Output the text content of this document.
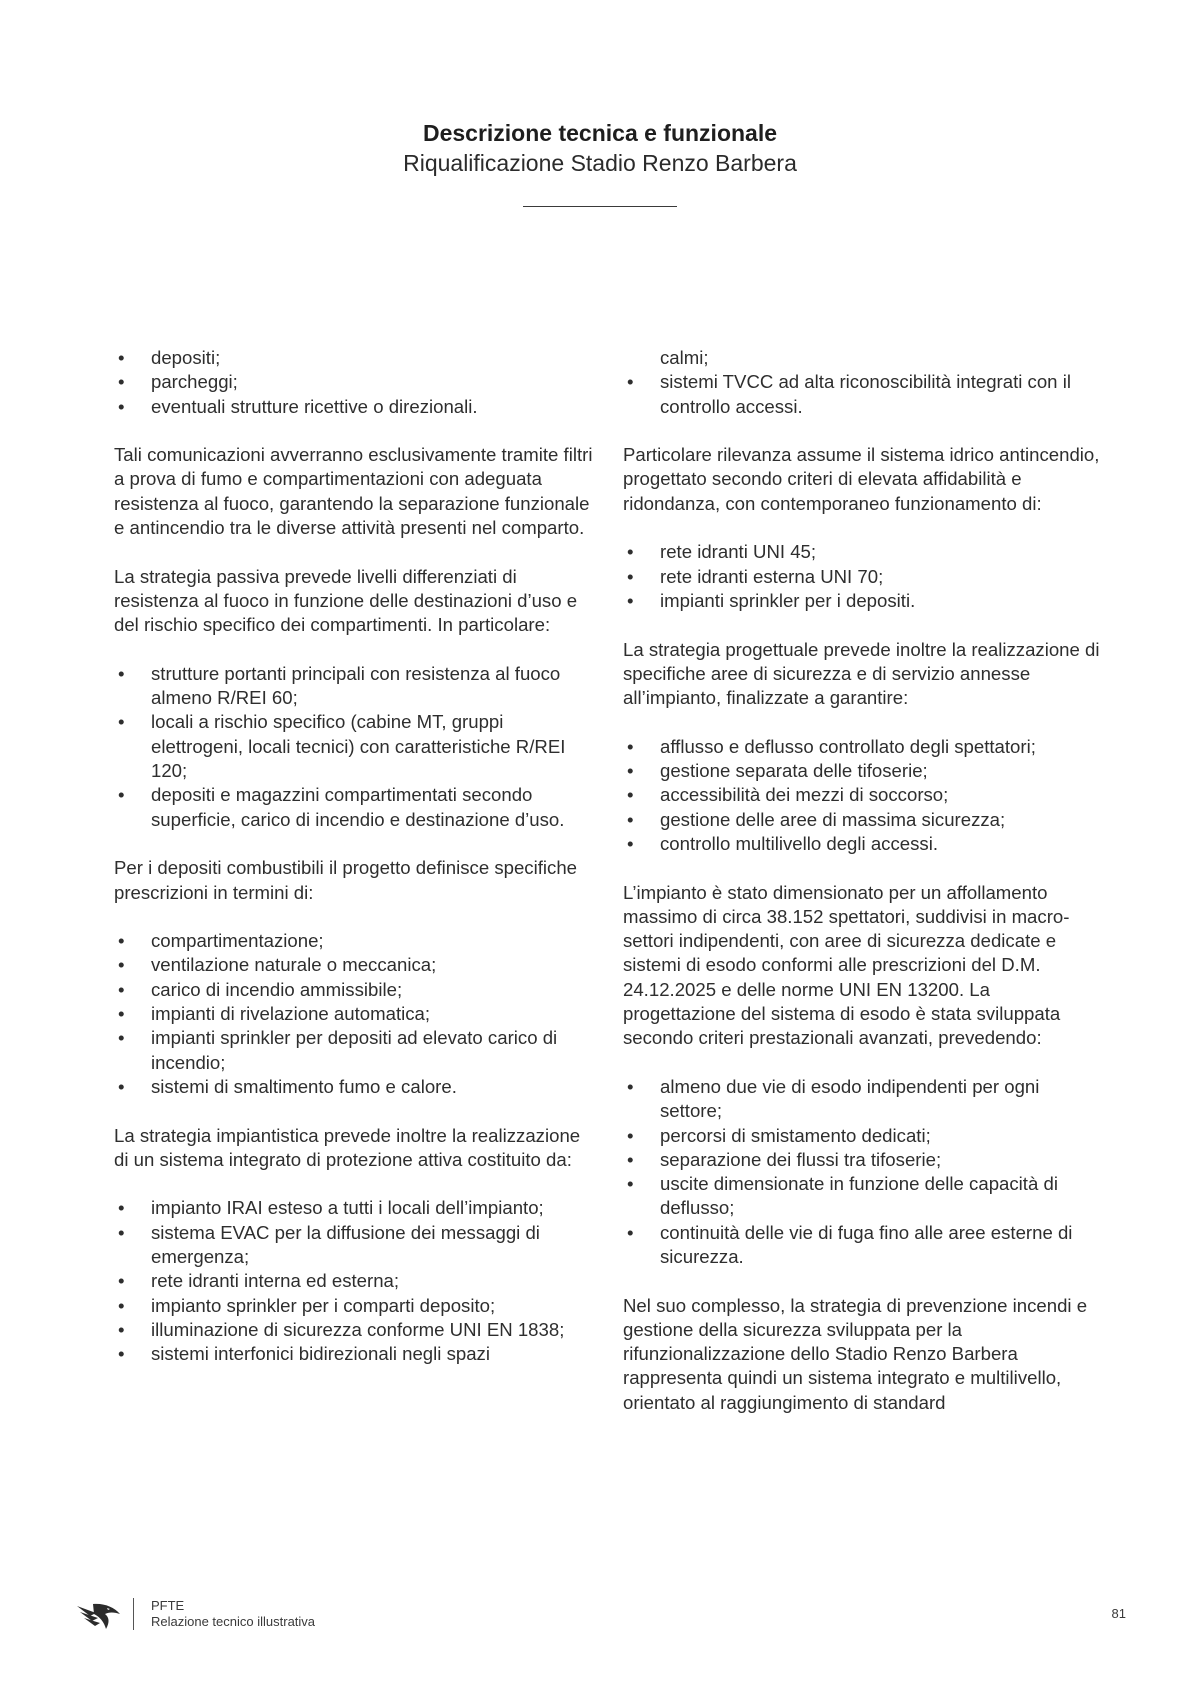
Descrizione tecnica e funzionale
Riqualificazione Stadio Renzo Barbera
• depositi;
• parcheggi;
• eventuali strutture ricettive o direzionali.

Tali comunicazioni avverranno esclusivamente tramite filtri a prova di fumo e compartimentazioni con adeguata resistenza al fuoco, garantendo la separazione funzionale e antincendio tra le diverse attività presenti nel comparto.

La strategia passiva prevede livelli differenziati di resistenza al fuoco in funzione delle destinazioni d’uso e del rischio specifico dei compartimenti. In particolare:

• strutture portanti principali con resistenza al fuoco almeno R/REI 60;
• locali a rischio specifico (cabine MT, gruppi elettrogeni, locali tecnici) con caratteristiche R/REI 120;
• depositi e magazzini compartimentati secondo superficie, carico di incendio e destinazione d’uso.

Per i depositi combustibili il progetto definisce specifiche prescrizioni in termini di:

• compartimentazione;
• ventilazione naturale o meccanica;
• carico di incendio ammissibile;
• impianti di rivelazione automatica;
• impianti sprinkler per depositi ad elevato carico di incendio;
• sistemi di smaltimento fumo e calore.

La strategia impiantistica prevede inoltre la realizzazione di un sistema integrato di protezione attiva costituito da:

• impianto IRAI esteso a tutti i locali dell’impianto;
• sistema EVAC per la diffusione dei messaggi di emergenza;
• rete idranti interna ed esterna;
• impianto sprinkler per i comparti deposito;
• illuminazione di sicurezza conforme UNI EN 1838;
• sistemi interfonici bidirezionali negli spazi
calmi;
• sistemi TVCC ad alta riconoscibilità integrati con il controllo accessi.

Particolare rilevanza assume il sistema idrico antincendio, progettato secondo criteri di elevata affidabilità e ridondanza, con contemporaneo funzionamento di:

• rete idranti UNI 45;
• rete idranti esterna UNI 70;
• impianti sprinkler per i depositi.

La strategia progettuale prevede inoltre la realizzazione di specifiche aree di sicurezza e di servizio annesse all’impianto, finalizzate a garantire:

• afflusso e deflusso controllato degli spettatori;
• gestione separata delle tifoserie;
• accessibilità dei mezzi di soccorso;
• gestione delle aree di massima sicurezza;
• controllo multilivello degli accessi.

L’impianto è stato dimensionato per un affollamento massimo di circa 38.152 spettatori, suddivisi in macro-settori indipendenti, con aree di sicurezza dedicate e sistemi di esodo conformi alle prescrizioni del D.M. 24.12.2025 e delle norme UNI EN 13200. La progettazione del sistema di esodo è stata sviluppata secondo criteri prestazionali avanzati, prevedendo:

• almeno due vie di esodo indipendenti per ogni settore;
• percorsi di smistamento dedicati;
• separazione dei flussi tra tifoserie;
• uscite dimensionate in funzione delle capacità di deflusso;
• continuità delle vie di fuga fino alle aree esterne di sicurezza.

Nel suo complesso, la strategia di prevenzione incendi e gestione della sicurezza sviluppata per la rifunzionalizzazione dello Stadio Renzo Barbera rappresenta quindi un sistema integrato e multilivello, orientato al raggiungimento di standard

PFTE
Relazione tecnico illustrativa
81
